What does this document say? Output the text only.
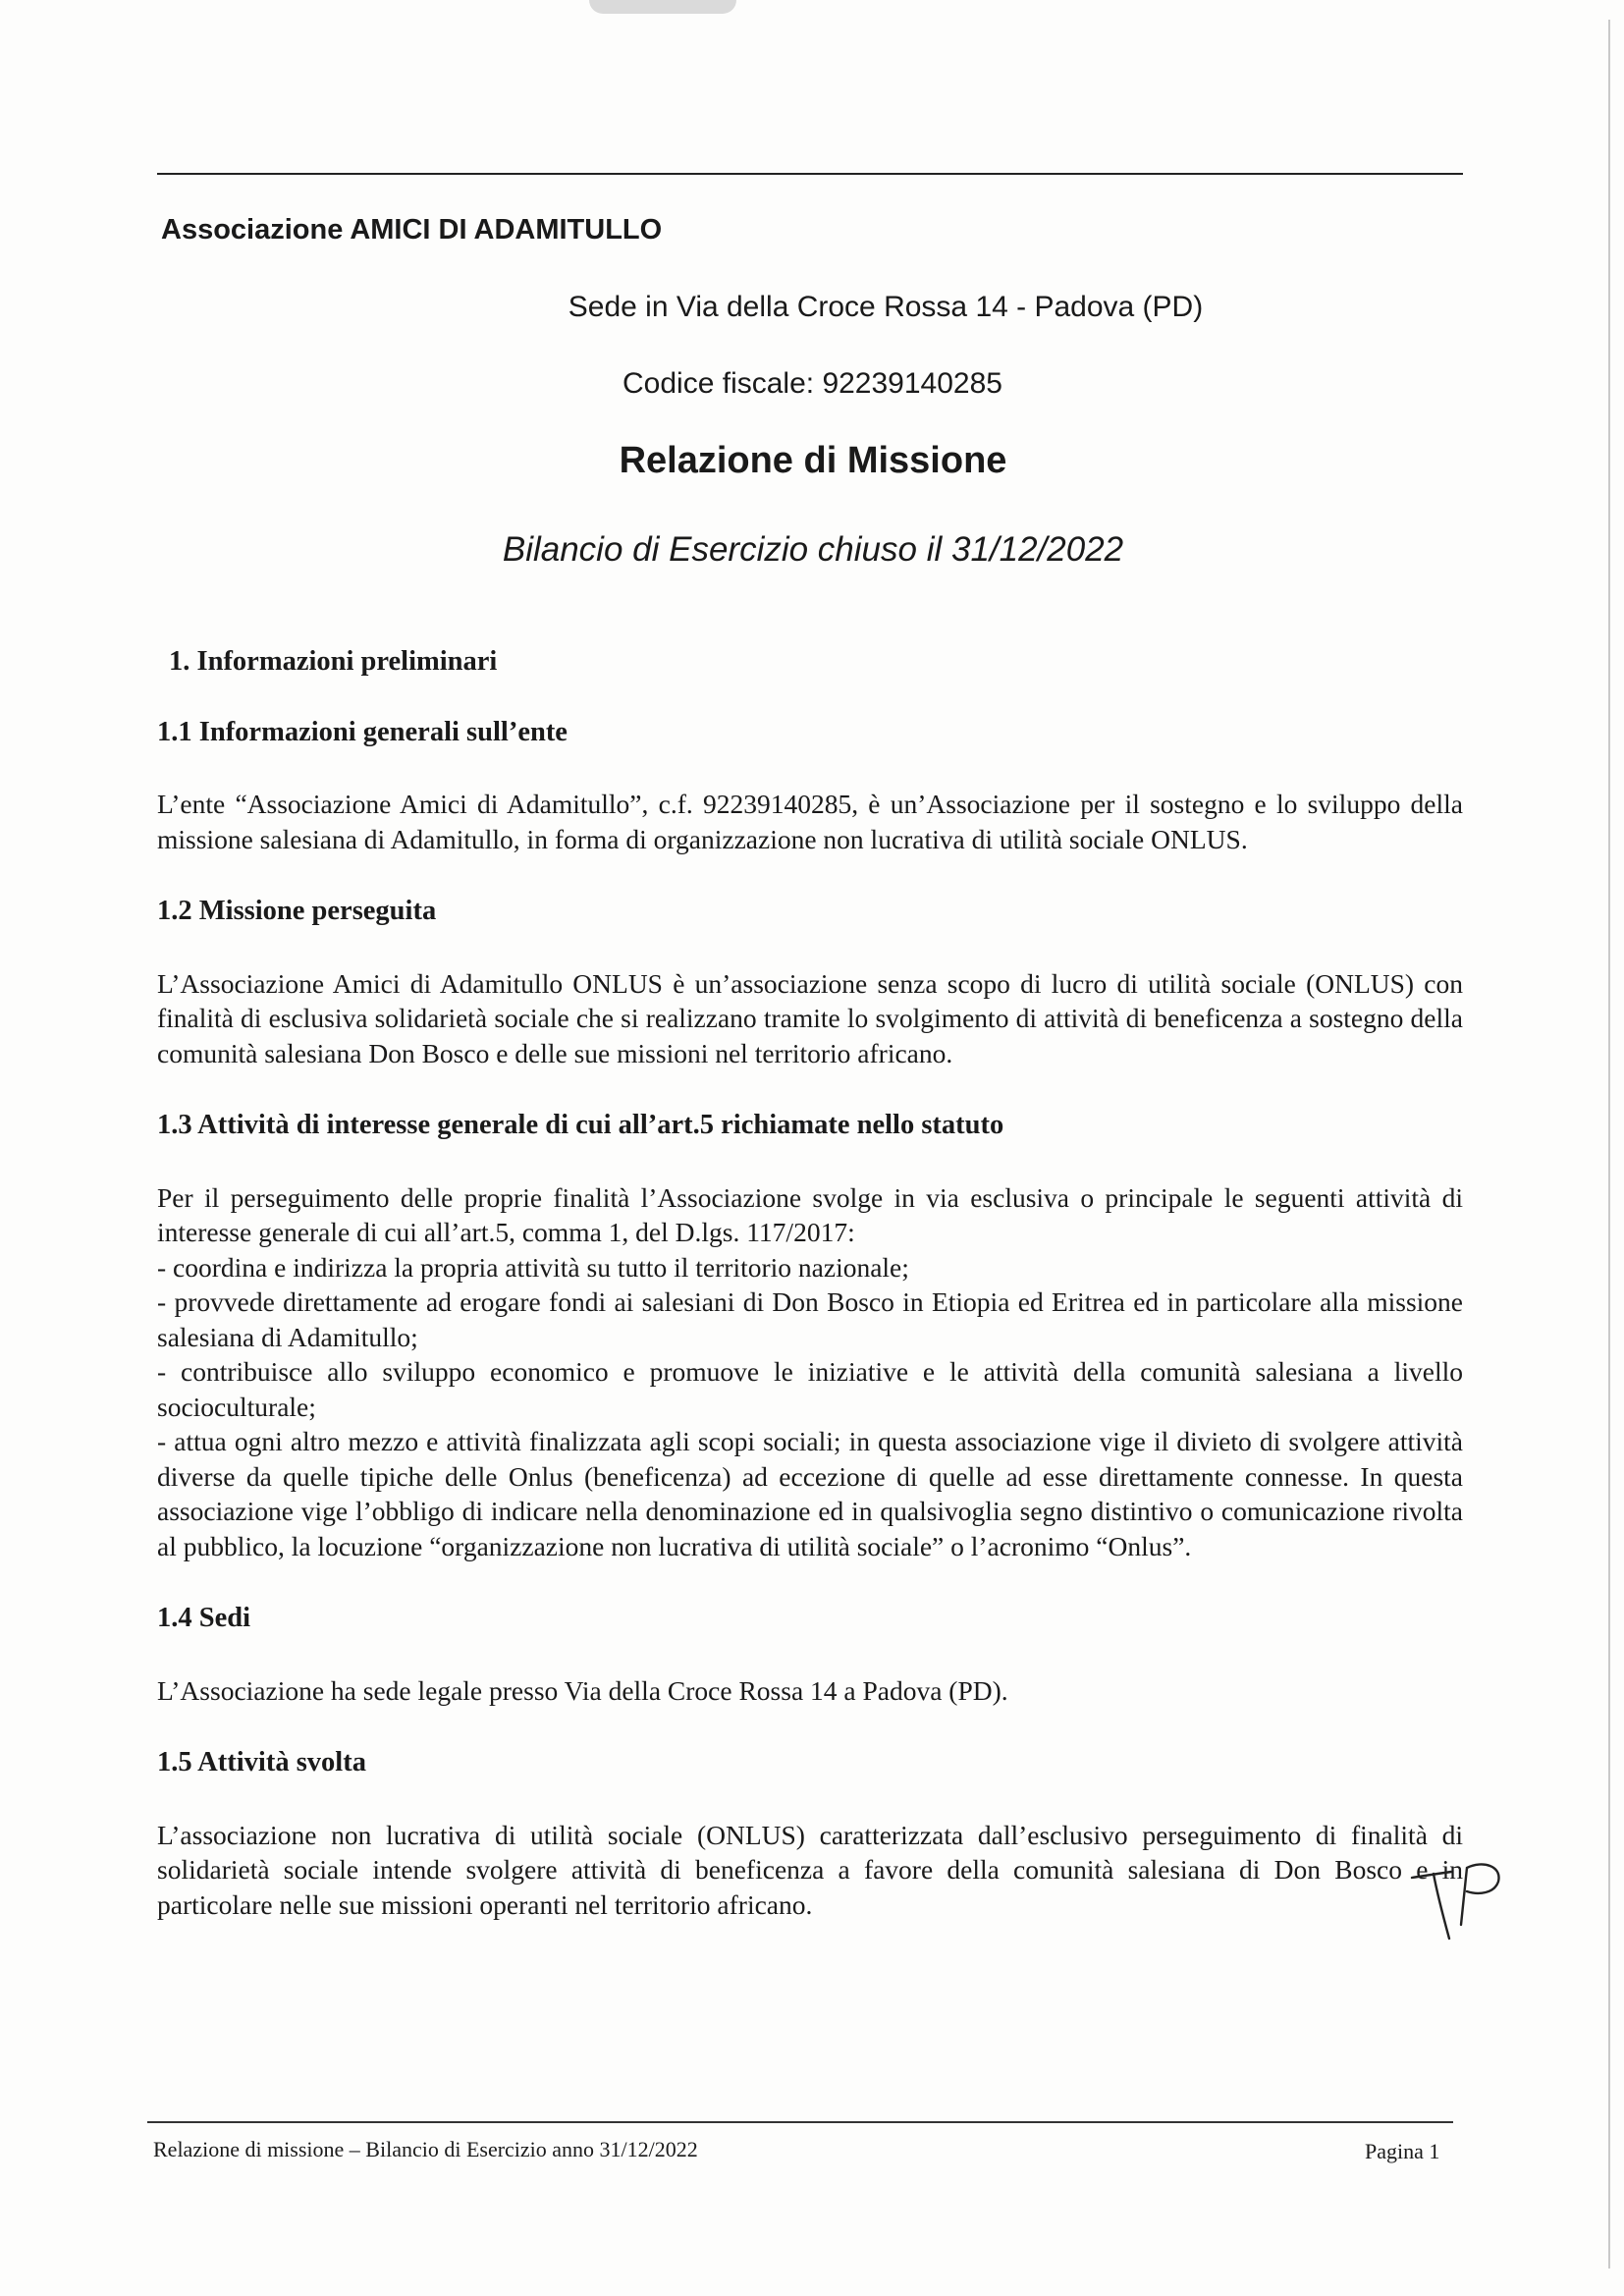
Associazione AMICI DI ADAMITULLO
Sede in Via della Croce Rossa 14 - Padova (PD)
Codice fiscale: 92239140285
Relazione di Missione
Bilancio di Esercizio chiuso il 31/12/2022
1. Informazioni preliminari
1.1 Informazioni generali sull’ente
L’ente “Associazione Amici di Adamitullo”, c.f. 92239140285, è un’Associazione per il sostegno e lo sviluppo della missione salesiana di Adamitullo, in forma di organizzazione non lucrativa di utilità sociale ONLUS.
1.2 Missione perseguita
L’Associazione Amici di Adamitullo ONLUS è un’associazione senza scopo di lucro di utilità sociale (ONLUS) con finalità di esclusiva solidarietà sociale che si realizzano tramite lo svolgimento di attività di beneficenza a sostegno della comunità salesiana Don Bosco e delle sue missioni nel territorio africano.
1.3 Attività di interesse generale di cui all’art.5 richiamate nello statuto
Per il perseguimento delle proprie finalità l’Associazione svolge in via esclusiva o principale le seguenti attività di interesse generale di cui all’art.5, comma 1, del D.lgs. 117/2017:
- coordina e indirizza la propria attività su tutto il territorio nazionale;
- provvede direttamente ad erogare fondi ai salesiani di Don Bosco in Etiopia ed Eritrea ed in particolare alla missione salesiana di Adamitullo;
- contribuisce allo sviluppo economico e promuove le iniziative e le attività della comunità salesiana a livello socioculturale;
- attua ogni altro mezzo e attività finalizzata agli scopi sociali; in questa associazione vige il divieto di svolgere attività diverse da quelle tipiche delle Onlus (beneficenza) ad eccezione di quelle ad esse direttamente connesse. In questa associazione vige l’obbligo di indicare nella denominazione ed in qualsivoglia segno distintivo o comunicazione rivolta al pubblico, la locuzione “organizzazione non lucrativa di utilità sociale” o l’acronimo “Onlus”.
1.4 Sedi
L’Associazione ha sede legale presso Via della Croce Rossa 14 a Padova (PD).
1.5 Attività svolta
L’associazione non lucrativa di utilità sociale (ONLUS) caratterizzata dall’esclusivo perseguimento di finalità di solidarietà sociale intende svolgere attività di beneficenza a favore della comunità salesiana di Don Bosco e in particolare nelle sue missioni operanti nel territorio africano.
Relazione di missione – Bilancio di Esercizio anno 31/12/2022	Pagina 1
